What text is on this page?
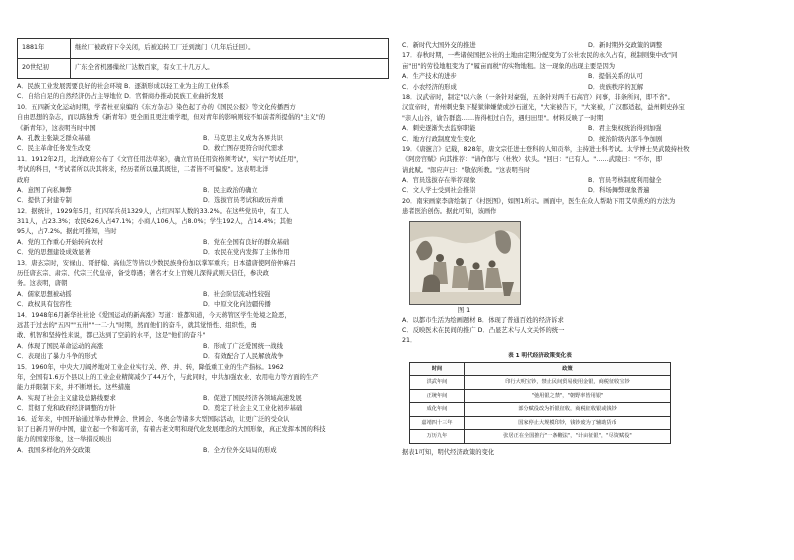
1881年	继丝厂被政府下令关闭，后被迫转工厂迁到澳门（几年后迁回）。
20世纪初	广东全省机器缫丝厂达数百家，有女工十几万人。
A．民族工业发展需要良好的社会环境 B．逐渐形成以轻工业为主的工业体系
C．自给自足的自然经济仍占主导地位 D．官督商办推动民族工业曲折发展
10．五四新文化运动时期，学者杜亚泉编的《东方杂志》染色起了办的《国民公报》等文化传播西方
自由思想的杂志，而以陈独秀《新青年》更全面且更注重学理，但对青年的影响则较不如前者所提倡的"主义"的
《新青年》，这表明当时中国
A．孔教主张缺乏群众基础	B．马克思主义成为各界共识
C．民主革命任务发生改变	D．救亡图存更符合时代需求
11．1912年2月，北洋政府公布了《文官任用法草案》，确立官员任用资格须考试"，实行"考试任用"，
考试的科目，"考试者所以决其将来，经历者所以量其既往，二者皆不可偏废"。这表明北洋
政府
A．意图了向私舞弊	B．民主政治的确立
C．提供了封建专制	D．选拔官员考试和政历并重
12．据统计，1929年5月，红四军兵员1329人，占红四军人数的33.2%。在这些党员中，有工人
311人，占23.3%；农民626人占47.1%；小商人106人，占8.0%；学生192人，占14.4%；其他
95人，占7.2%。据此可推知，当时
A．党的工作重心开始转向农村	B．党在全国有良好的群众基础
C．党的思想建设成效显著	D．农民在党内发挥了主体作用
13．唐玄宗时，安禄山、哥舒翰、高仙芝等皆以少数民族身份加以掌军重兵；日本遣唐使阿倍仲麻吕
历任唐玄宗、肃宗、代宗三代皇帝，备受尊遇；著名才女上官婉儿深得武则天信任，参决政
务。这表明，唐朝
A．儒家思想被动摇	B．社会阶层流动性较强
C．政权具有包容性	D．中原文化向边疆传播
14．1948年6月新华社社论《爱国运动的新高涨》写道：谁都知道，今天蒋管区学生处境之险恶，
远甚于过去的"五四""五卅""一二·九"时期，然而他们的奋斗，就其觉悟性、组织性，勇
敢、机智和坚持性来说，都已达到了空前的水平，这是"他们的奋斗"
A．体现了国民革命运动的高涨	B．形成了广泛爱国统一战线
C．表现出了暴力斗争的形式	D．有效配合了人民解放战争
15．1960年，中央大刀阔斧地对工业企业实行关、停、并、转，降低重工业的生产指标。1962
年，全国有1.6万个县以上的工业企业精简减少了44万个，与此同时，中共加强农业、农用电力等方面的生产
能力并限制下来，并不断增长。这些措施
A．实现了社会主义建设总路线要求	B．促进了国民经济各领域高速发展
C．贯彻了党和政府经济调整的方针	D．奠定了社会主义工业化初步基础
16．近年来，中国开始通过举办世博会、世园会、冬奥会等诸多大型国际活动，让更广泛的受众认
识了日新月异的中国，建立起一个和蔼可亲，有着古老文明和现代化发展理念的大国形象，真正发挥本国的科技
能力的国家形象，这一举措反映出
A．我国多样化的外交政策	B．全方位外交局局的形成
C．新时代大国外交的推进	D．新时期外交政策的调整
17．春秋时期，一些诸侯国把公社的土地由定期分配变为了公社农民的永久占有，税制则集中改"同
亩"田"的劳役地租变为了"履亩而税"的实物地租。这一现象的出现主要是因为
A．生产技术的进步	B．提倡关系的认可
C．小农经济的形成	D．贵族秩序的瓦解
18．汉武帝时，制定"以六条（一条针对豪强，五条针对两千石高官）问事，非条所问，即不省"。
汉宣帝时，青州刺史集下疑狱律嫌蒙或沙石道光，"大案被告下，"大案被，广汉郡适起，益州刺史孙宝
"亲人山谷，谕告群盗……皆得相过自告，遇归田里"。材料反映了一时期
A．刺史逐渐失去监察职能	B．君主集权统治得到加强
C．地方行政制度发生变化	D．统治阶级内部斗争加剧
19．《唐摭言》记载，828年，唐文宗任进士登科的人知贡举，主持进士科考试。太学博士吴武陵持杜牧
《阿房宫赋》向其推荐："请作郎与（杜牧）状头。"回曰："已有人。"……武陵曰："不尔，即
请此赋。"郎应声曰："敬依所教。"这表明当时
A．官员选拔存在举荐现象	B．官员考核制度利用健全
C．文人学士受到社会推崇	D．科场舞弊现象普遍
20．南宋画家李唐绘制了《村医图》，如图1所示。画面中，医生在众人帮助下用艾草熏灼的方法为
患者医治创伤。据此可知，该画作
图 1
A．以都市生活为绘画题材 B．体现了普通百姓的经济诉求
C．反映医术在民间的推广 D．凸显艺术与人文关怀的统一
21．
表 1 明代经济政策变化表
时间	政策
洪武年间	印行大明宝钞，禁止民间贸易使用金银，商税征收宝钞
正统年间	"弛用银之禁"，"朝野率皆用银"
成化年间	部分赋役改为折银征收，商税征收银或钱钞
嘉靖四十三年	国家停止大规模印钞，钱钞废为了辅助货币
万历九年	张居正在全国推行"一条鞭法"，"计亩征银"，"尽资赋役"
据表1可知，明代经济政策的变化
